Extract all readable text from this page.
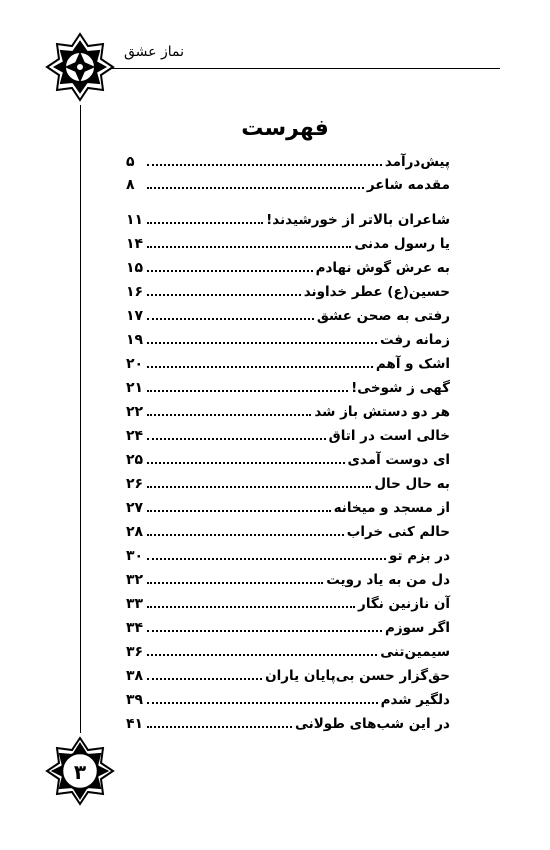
نماز عشق
۳
فهرست
پیش‌درآمد
۵
مقدمه شاعر
۸
شاعران بالاتر از خورشیدند!
۱۱
یا رسول مدنی
۱۴
به عرش گوش نهادم
۱۵
حسین(ع) عطر خداوند
۱۶
رفتی به صحن عشق
۱۷
زمانه رفت
۱۹
اشک و آهم
۲۰
گهی ز شوخی!
۲۱
هر دو دستش باز شد
۲۲
خالی است در اتاق
۲۴
ای دوست آمدی
۲۵
به حال حال
۲۶
از مسجد و میخانه
۲۷
حالم کنی خراب
۲۸
در بزم تو
۳۰
دل من به یاد رویت
۳۲
آن نازنین نگار
۳۳
اگر سوزم
۳۴
سیمین‌تنی
۳۶
حق‌گزار حسن بی‌پایان یاران
۳۸
دلگیر شدم
۳۹
در این شب‌های طولانی
۴۱
